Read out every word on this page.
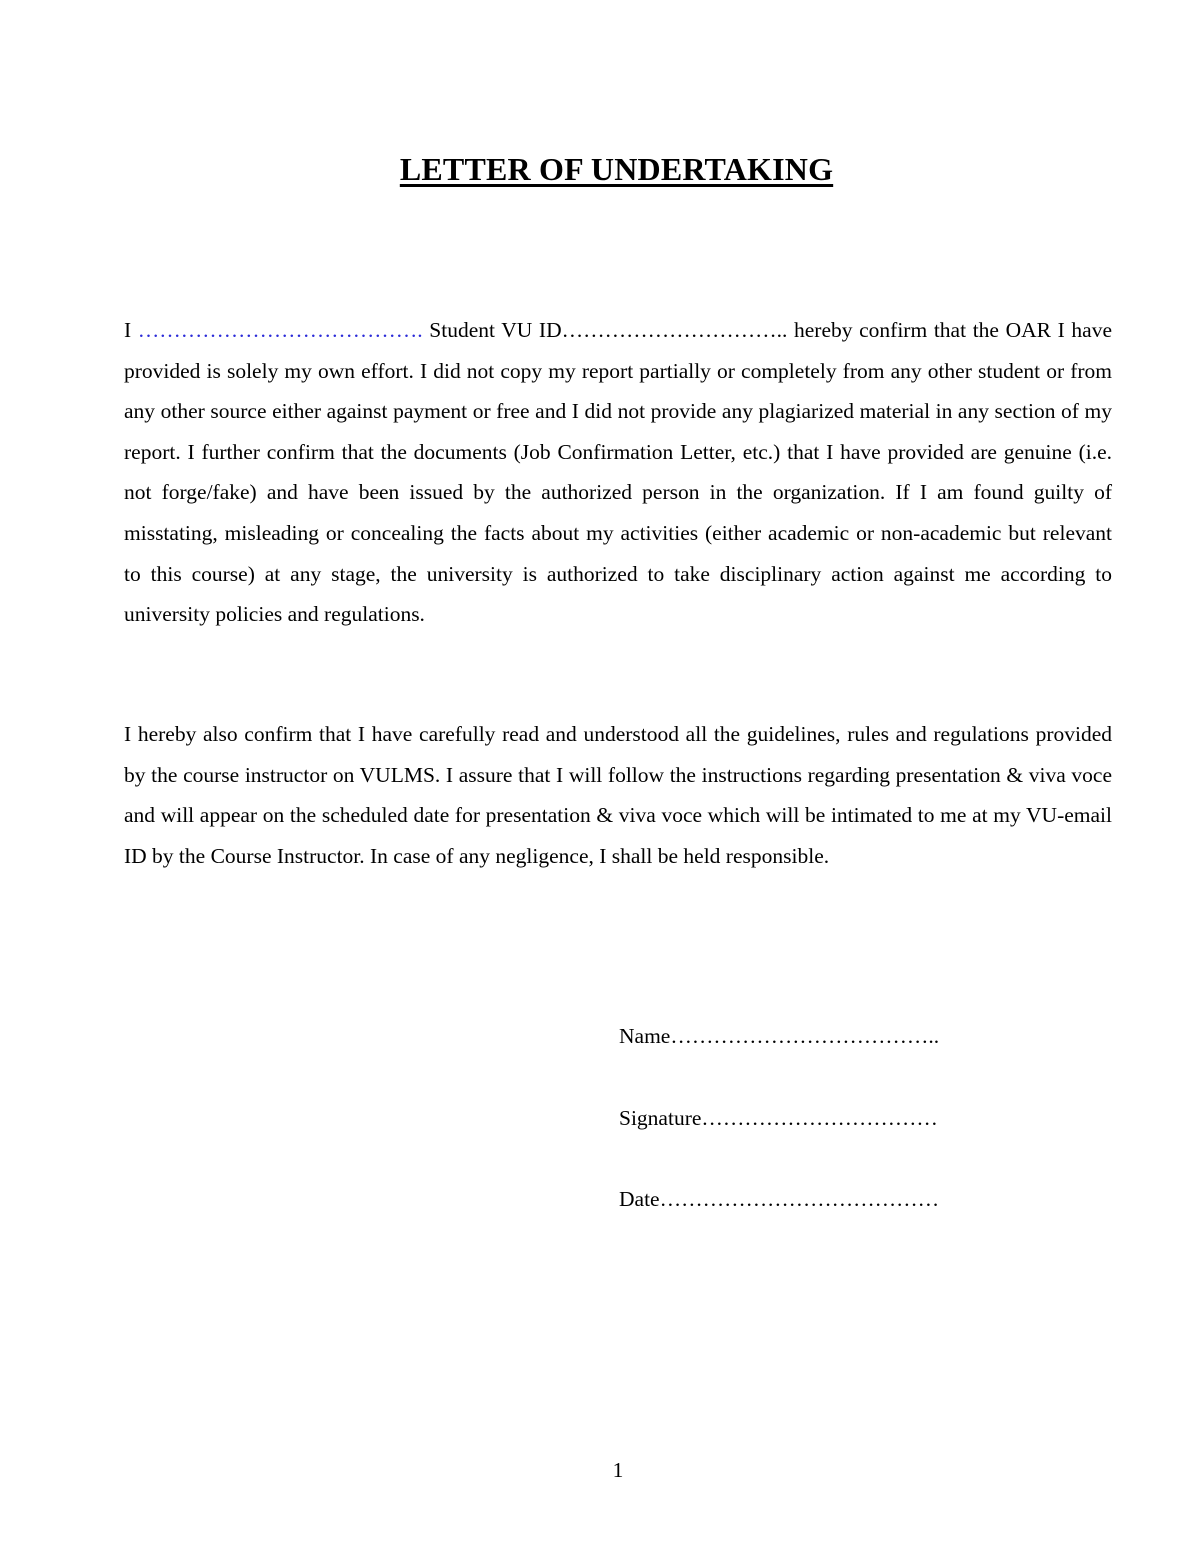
LETTER OF UNDERTAKING

I …………………………………. Student VU ID………………………….. hereby confirm that the OAR I have provided is solely my own effort. I did not copy my report partially or completely from any other student or from any other source either against payment or free and I did not provide any plagiarized material in any section of my report. I further confirm that the documents (Job Confirmation Letter, etc.) that I have provided are genuine (i.e. not forge/fake) and have been issued by the authorized person in the organization. If I am found guilty of misstating, misleading or concealing the facts about my activities (either academic or non-academic but relevant to this course) at any stage, the university is authorized to take disciplinary action against me according to university policies and regulations.

I hereby also confirm that I have carefully read and understood all the guidelines, rules and regulations provided by the course instructor on VULMS. I assure that I will follow the instructions regarding presentation & viva voce and will appear on the scheduled date for presentation & viva voce which will be intimated to me at my VU-email ID by the Course Instructor. In case of any negligence, I shall be held responsible.

Name………………………………..
Signature……………………………
Date…………………………………
1
